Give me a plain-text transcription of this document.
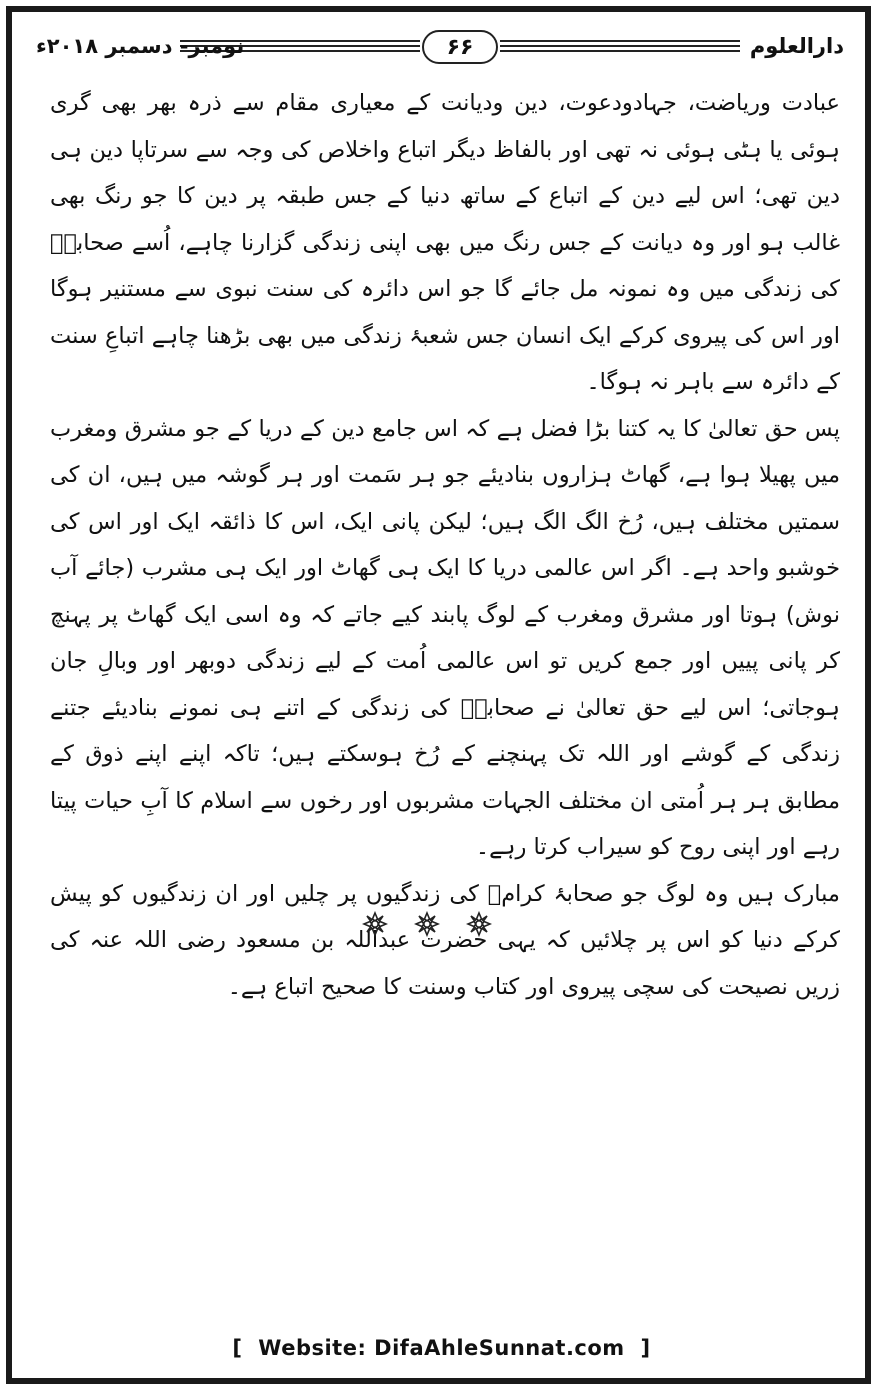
دارالعلوم
۶۶
نومبر- دسمبر ۲۰۱۸ء

عبادت وریاضت، جہادودعوت، دین ودیانت کے معیاری مقام سے ذرہ بھر بھی گری ہوئی یا ہٹی ہوئی نہ تھی اور بالفاظ دیگر اتباع واخلاص کی وجہ سے سرتاپا دین ہی دین تھی؛ اس لیے دین کے اتباع کے ساتھ دنیا کے جس طبقہ پر دین کا جو رنگ بھی غالب ہو اور وہ دیانت کے جس رنگ میں بھی اپنی زندگی گزارنا چاہے، اُسے صحابہؓ کی زندگی میں وہ نمونہ مل جائے گا جو اس دائرہ کی سنت نبوی سے مستنیر ہوگا اور اس کی پیروی کرکے ایک انسان جس شعبۂ زندگی میں بھی بڑھنا چاہے اتباعِ سنت کے دائرہ سے باہر نہ ہوگا۔

پس حق تعالیٰ کا یہ کتنا بڑا فضل ہے کہ اس جامع دین کے دریا کے جو مشرق ومغرب میں پھیلا ہوا ہے، گھاٹ ہزاروں بنادیئے جو ہر سَمت اور ہر گوشہ میں ہیں، ان کی سمتیں مختلف ہیں، رُخ الگ الگ ہیں؛ لیکن پانی ایک، اس کا ذائقہ ایک اور اس کی خوشبو واحد ہے۔ اگر اس عالمی دریا کا ایک ہی گھاٹ اور ایک ہی مشرب (جائے آب نوش) ہوتا اور مشرق ومغرب کے لوگ پابند کیے جاتے کہ وہ اسی ایک گھاٹ پر پہنچ کر پانی پییں اور جمع کریں تو اس عالمی اُمت کے لیے زندگی دوبھر اور وبالِ جان ہوجاتی؛ اس لیے حق تعالیٰ نے صحابہؓ کی زندگی کے اتنے ہی نمونے بنادیئے جتنے زندگی کے گوشے اور اللہ تک پہنچنے کے رُخ ہوسکتے ہیں؛ تاکہ اپنے اپنے ذوق کے مطابق ہر ہر اُمتی ان مختلف الجہات مشربوں اور رخوں سے اسلام کا آبِ حیات پیتا رہے اور اپنی روح کو سیراب کرتا رہے۔

مبارک ہیں وہ لوگ جو صحابۂ کرامؓ کی زندگیوں پر چلیں اور ان زندگیوں کو پیش کرکے دنیا کو اس پر چلائیں کہ یہی حضرت عبداللہ بن مسعود رضی اللہ عنہ کی زریں نصیحت کی سچی پیروی اور کتاب وسنت کا صحیح اتباع ہے۔

[ Website: DifaAhleSunnat.com ]
